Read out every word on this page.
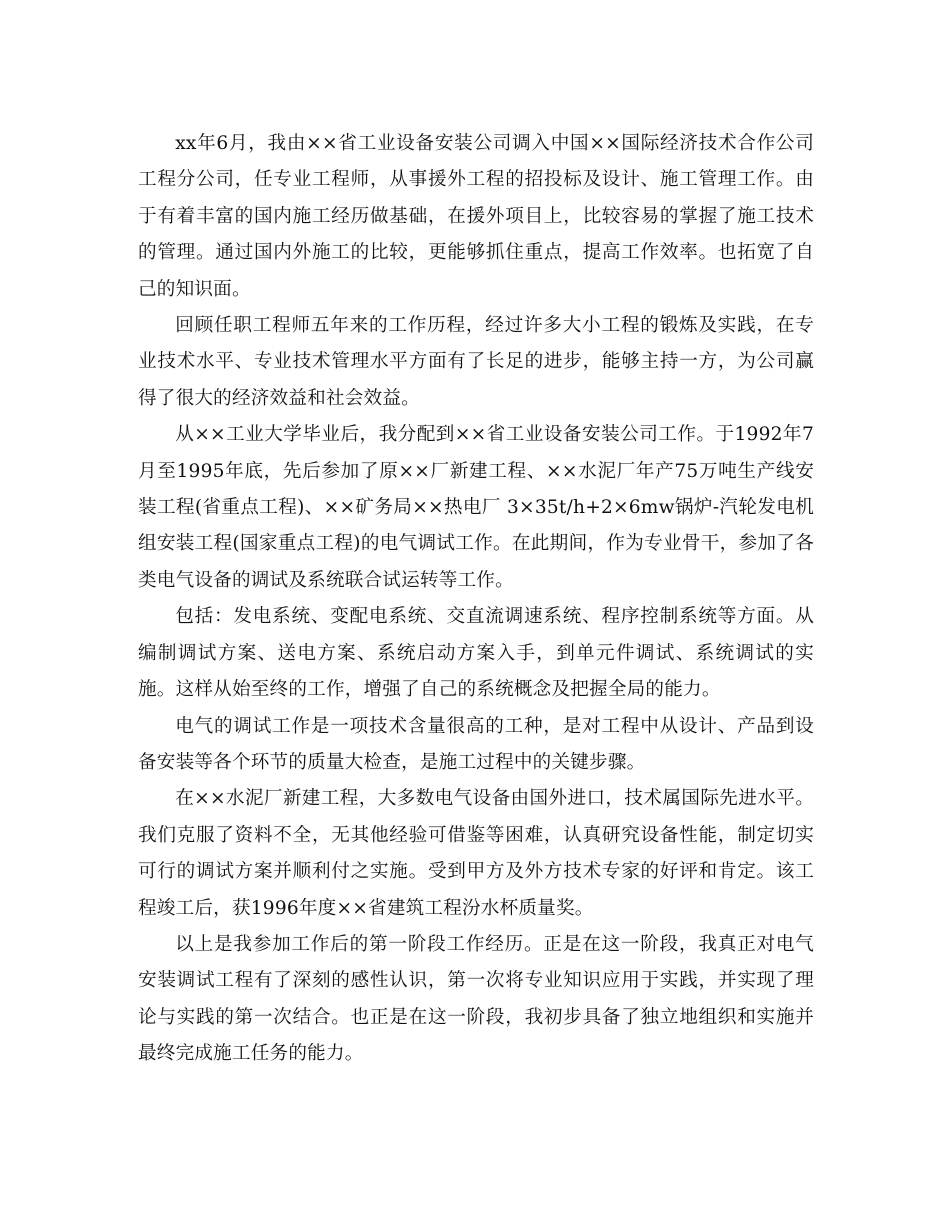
xx年6月，我由××省工业设备安装公司调入中国××国际经济技术合作公司工程分公司，任专业工程师，从事援外工程的招投标及设计、施工管理工作。由于有着丰富的国内施工经历做基础，在援外项目上，比较容易的掌握了施工技术的管理。通过国内外施工的比较，更能够抓住重点，提高工作效率。也拓宽了自己的知识面。

回顾任职工程师五年来的工作历程，经过许多大小工程的锻炼及实践，在专业技术水平、专业技术管理水平方面有了长足的进步，能够主持一方，为公司赢得了很大的经济效益和社会效益。

从××工业大学毕业后，我分配到××省工业设备安装公司工作。于1992年7月至1995年底，先后参加了原××厂新建工程、××水泥厂年产75万吨生产线安装工程(省重点工程)、××矿务局××热电厂 3×35t/h+2×6mw锅炉-汽轮发电机组安装工程(国家重点工程)的电气调试工作。在此期间，作为专业骨干，参加了各类电气设备的调试及系统联合试运转等工作。

包括：发电系统、变配电系统、交直流调速系统、程序控制系统等方面。从编制调试方案、送电方案、系统启动方案入手，到单元件调试、系统调试的实施。这样从始至终的工作，增强了自己的系统概念及把握全局的能力。

电气的调试工作是一项技术含量很高的工种，是对工程中从设计、产品到设备安装等各个环节的质量大检查，是施工过程中的关键步骤。

在××水泥厂新建工程，大多数电气设备由国外进口，技术属国际先进水平。我们克服了资料不全，无其他经验可借鉴等困难，认真研究设备性能，制定切实可行的调试方案并顺利付之实施。受到甲方及外方技术专家的好评和肯定。该工程竣工后，获1996年度××省建筑工程汾水杯质量奖。

以上是我参加工作后的第一阶段工作经历。正是在这一阶段，我真正对电气安装调试工程有了深刻的感性认识，第一次将专业知识应用于实践，并实现了理论与实践的第一次结合。也正是在这一阶段，我初步具备了独立地组织和实施并最终完成施工任务的能力。
